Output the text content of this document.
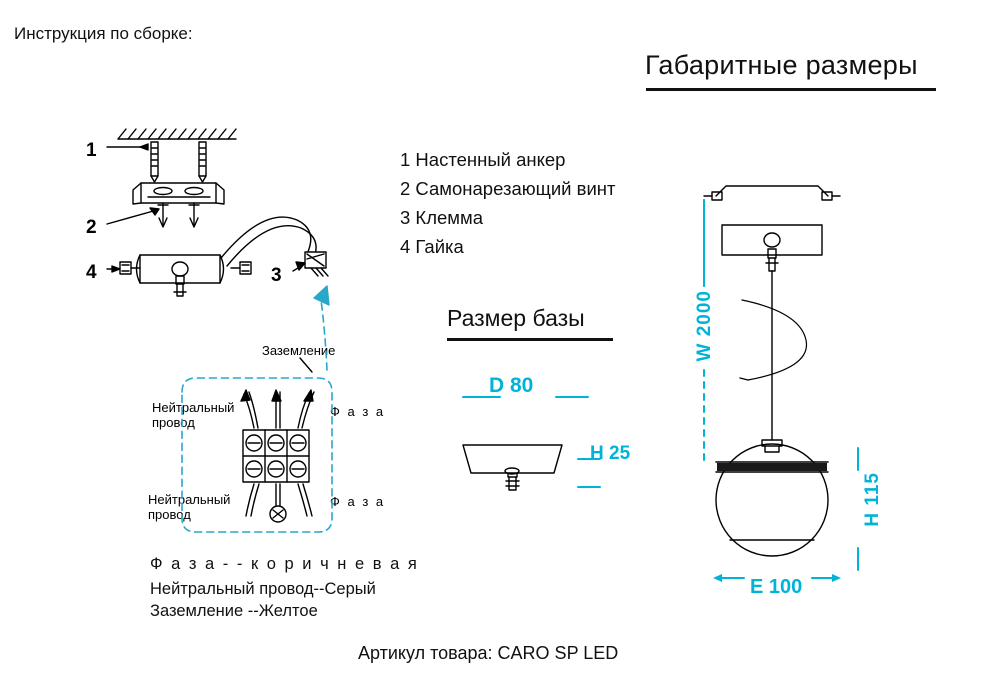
Инструкция по сборке:
Габаритные размеры
Размер базы
1 Настенный анкер
2 Самонарезающий винт
3 Клемма
4 Гайка
1
2
3
4
Заземление
Нейтральный
провод
Ф а з а
Нейтральный
провод
Ф а з а
Ф а з а - - к о р и ч н е в а я
Нейтральный провод--Серый
Заземление --Желтое
D 80
H 25
W 2000
H 115
E 100
Артикул товара: CARO SP LED
